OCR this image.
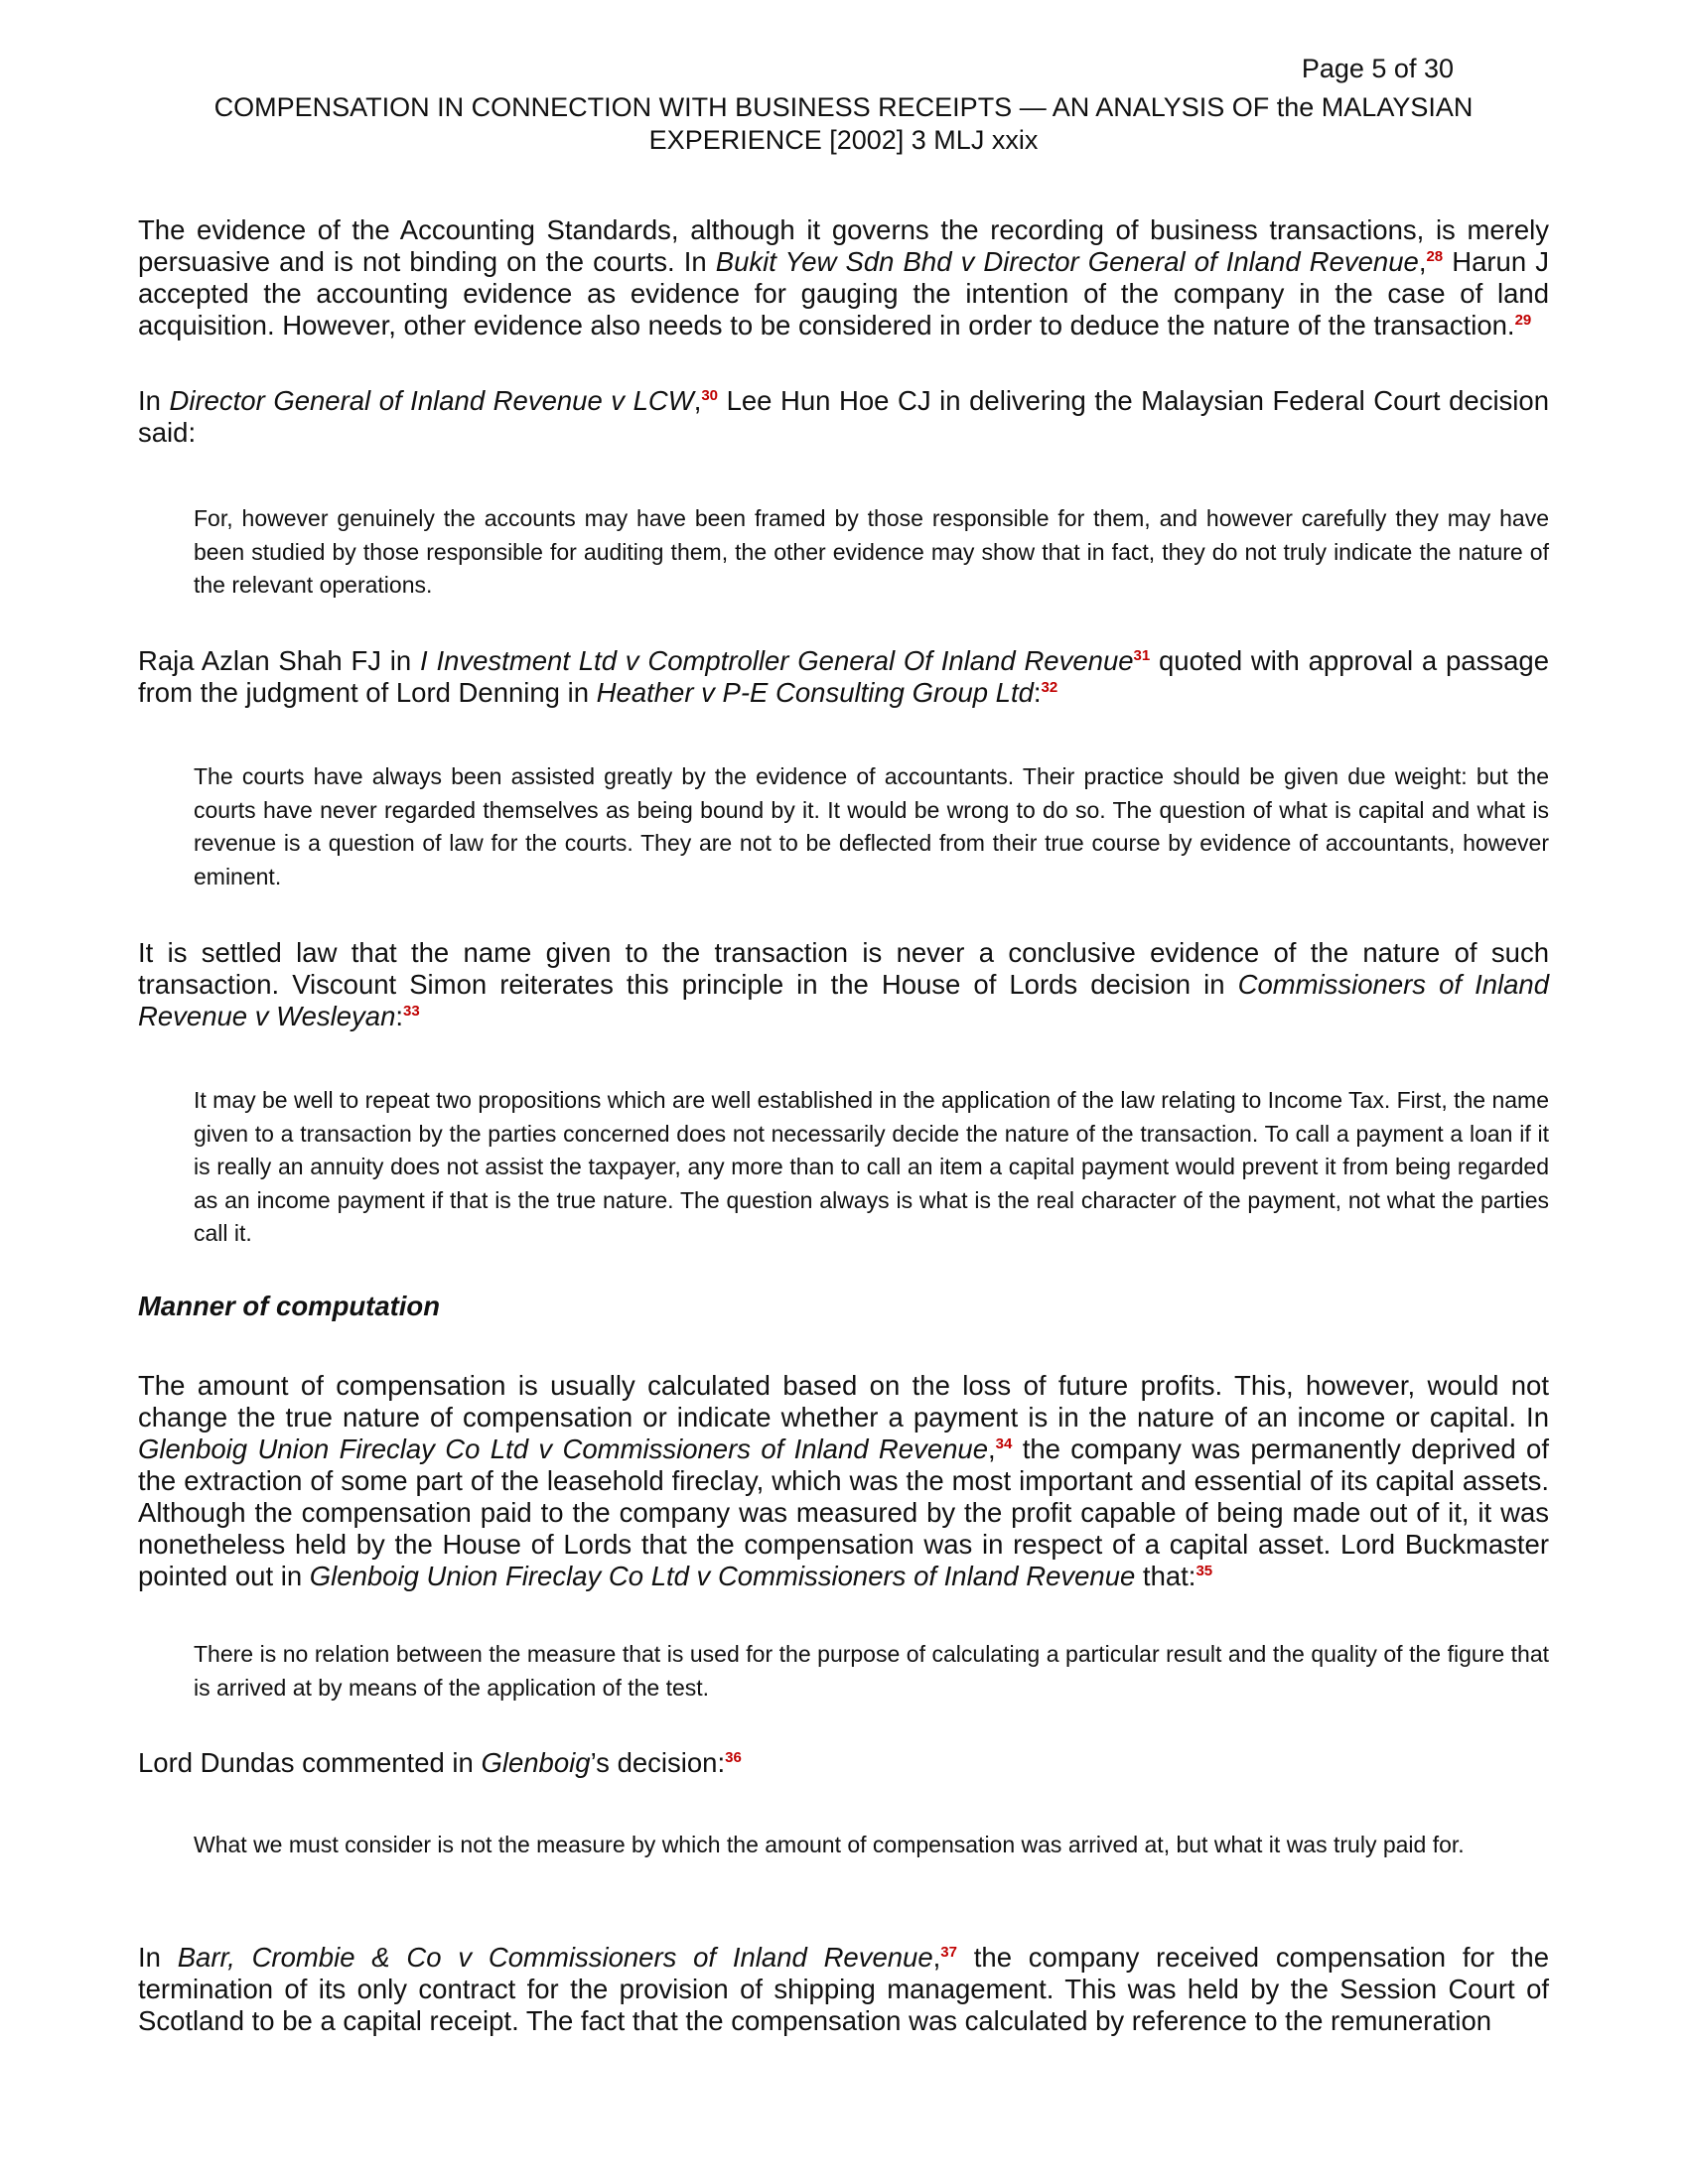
Page 5 of 30
COMPENSATION IN CONNECTION WITH BUSINESS RECEIPTS — AN ANALYSIS OF the MALAYSIAN EXPERIENCE [2002] 3 MLJ xxix
The evidence of the Accounting Standards, although it governs the recording of business transactions, is merely persuasive and is not binding on the courts. In Bukit Yew Sdn Bhd v Director General of Inland Revenue,$^{28}$ Harun J accepted the accounting evidence as evidence for gauging the intention of the company in the case of land acquisition. However, other evidence also needs to be considered in order to deduce the nature of the transaction.$^{29}$
In Director General of Inland Revenue v LCW,$^{30}$ Lee Hun Hoe CJ in delivering the Malaysian Federal Court decision said:
For, however genuinely the accounts may have been framed by those responsible for them, and however carefully they may have been studied by those responsible for auditing them, the other evidence may show that in fact, they do not truly indicate the nature of the relevant operations.
Raja Azlan Shah FJ in I Investment Ltd v Comptroller General Of Inland Revenue$^{31}$ quoted with approval a passage from the judgment of Lord Denning in Heather v P-E Consulting Group Ltd:$^{32}$
The courts have always been assisted greatly by the evidence of accountants. Their practice should be given due weight: but the courts have never regarded themselves as being bound by it. It would be wrong to do so. The question of what is capital and what is revenue is a question of law for the courts. They are not to be deflected from their true course by evidence of accountants, however eminent.
It is settled law that the name given to the transaction is never a conclusive evidence of the nature of such transaction. Viscount Simon reiterates this principle in the House of Lords decision in Commissioners of Inland Revenue v Wesleyan:$^{33}$
It may be well to repeat two propositions which are well established in the application of the law relating to Income Tax. First, the name given to a transaction by the parties concerned does not necessarily decide the nature of the transaction. To call a payment a loan if it is really an annuity does not assist the taxpayer, any more than to call an item a capital payment would prevent it from being regarded as an income payment if that is the true nature. The question always is what is the real character of the payment, not what the parties call it.
Manner of computation
The amount of compensation is usually calculated based on the loss of future profits. This, however, would not change the true nature of compensation or indicate whether a payment is in the nature of an income or capital. In Glenboig Union Fireclay Co Ltd v Commissioners of Inland Revenue,$^{34}$ the company was permanently deprived of the extraction of some part of the leasehold fireclay, which was the most important and essential of its capital assets. Although the compensation paid to the company was measured by the profit capable of being made out of it, it was nonetheless held by the House of Lords that the compensation was in respect of a capital asset. Lord Buckmaster pointed out in Glenboig Union Fireclay Co Ltd v Commissioners of Inland Revenue that:$^{35}$
There is no relation between the measure that is used for the purpose of calculating a particular result and the quality of the figure that is arrived at by means of the application of the test.
Lord Dundas commented in Glenboig’s decision:$^{36}$
What we must consider is not the measure by which the amount of compensation was arrived at, but what it was truly paid for.
In Barr, Crombie & Co v Commissioners of Inland Revenue,$^{37}$ the company received compensation for the termination of its only contract for the provision of shipping management. This was held by the Session Court of Scotland to be a capital receipt. The fact that the compensation was calculated by reference to the remuneration
